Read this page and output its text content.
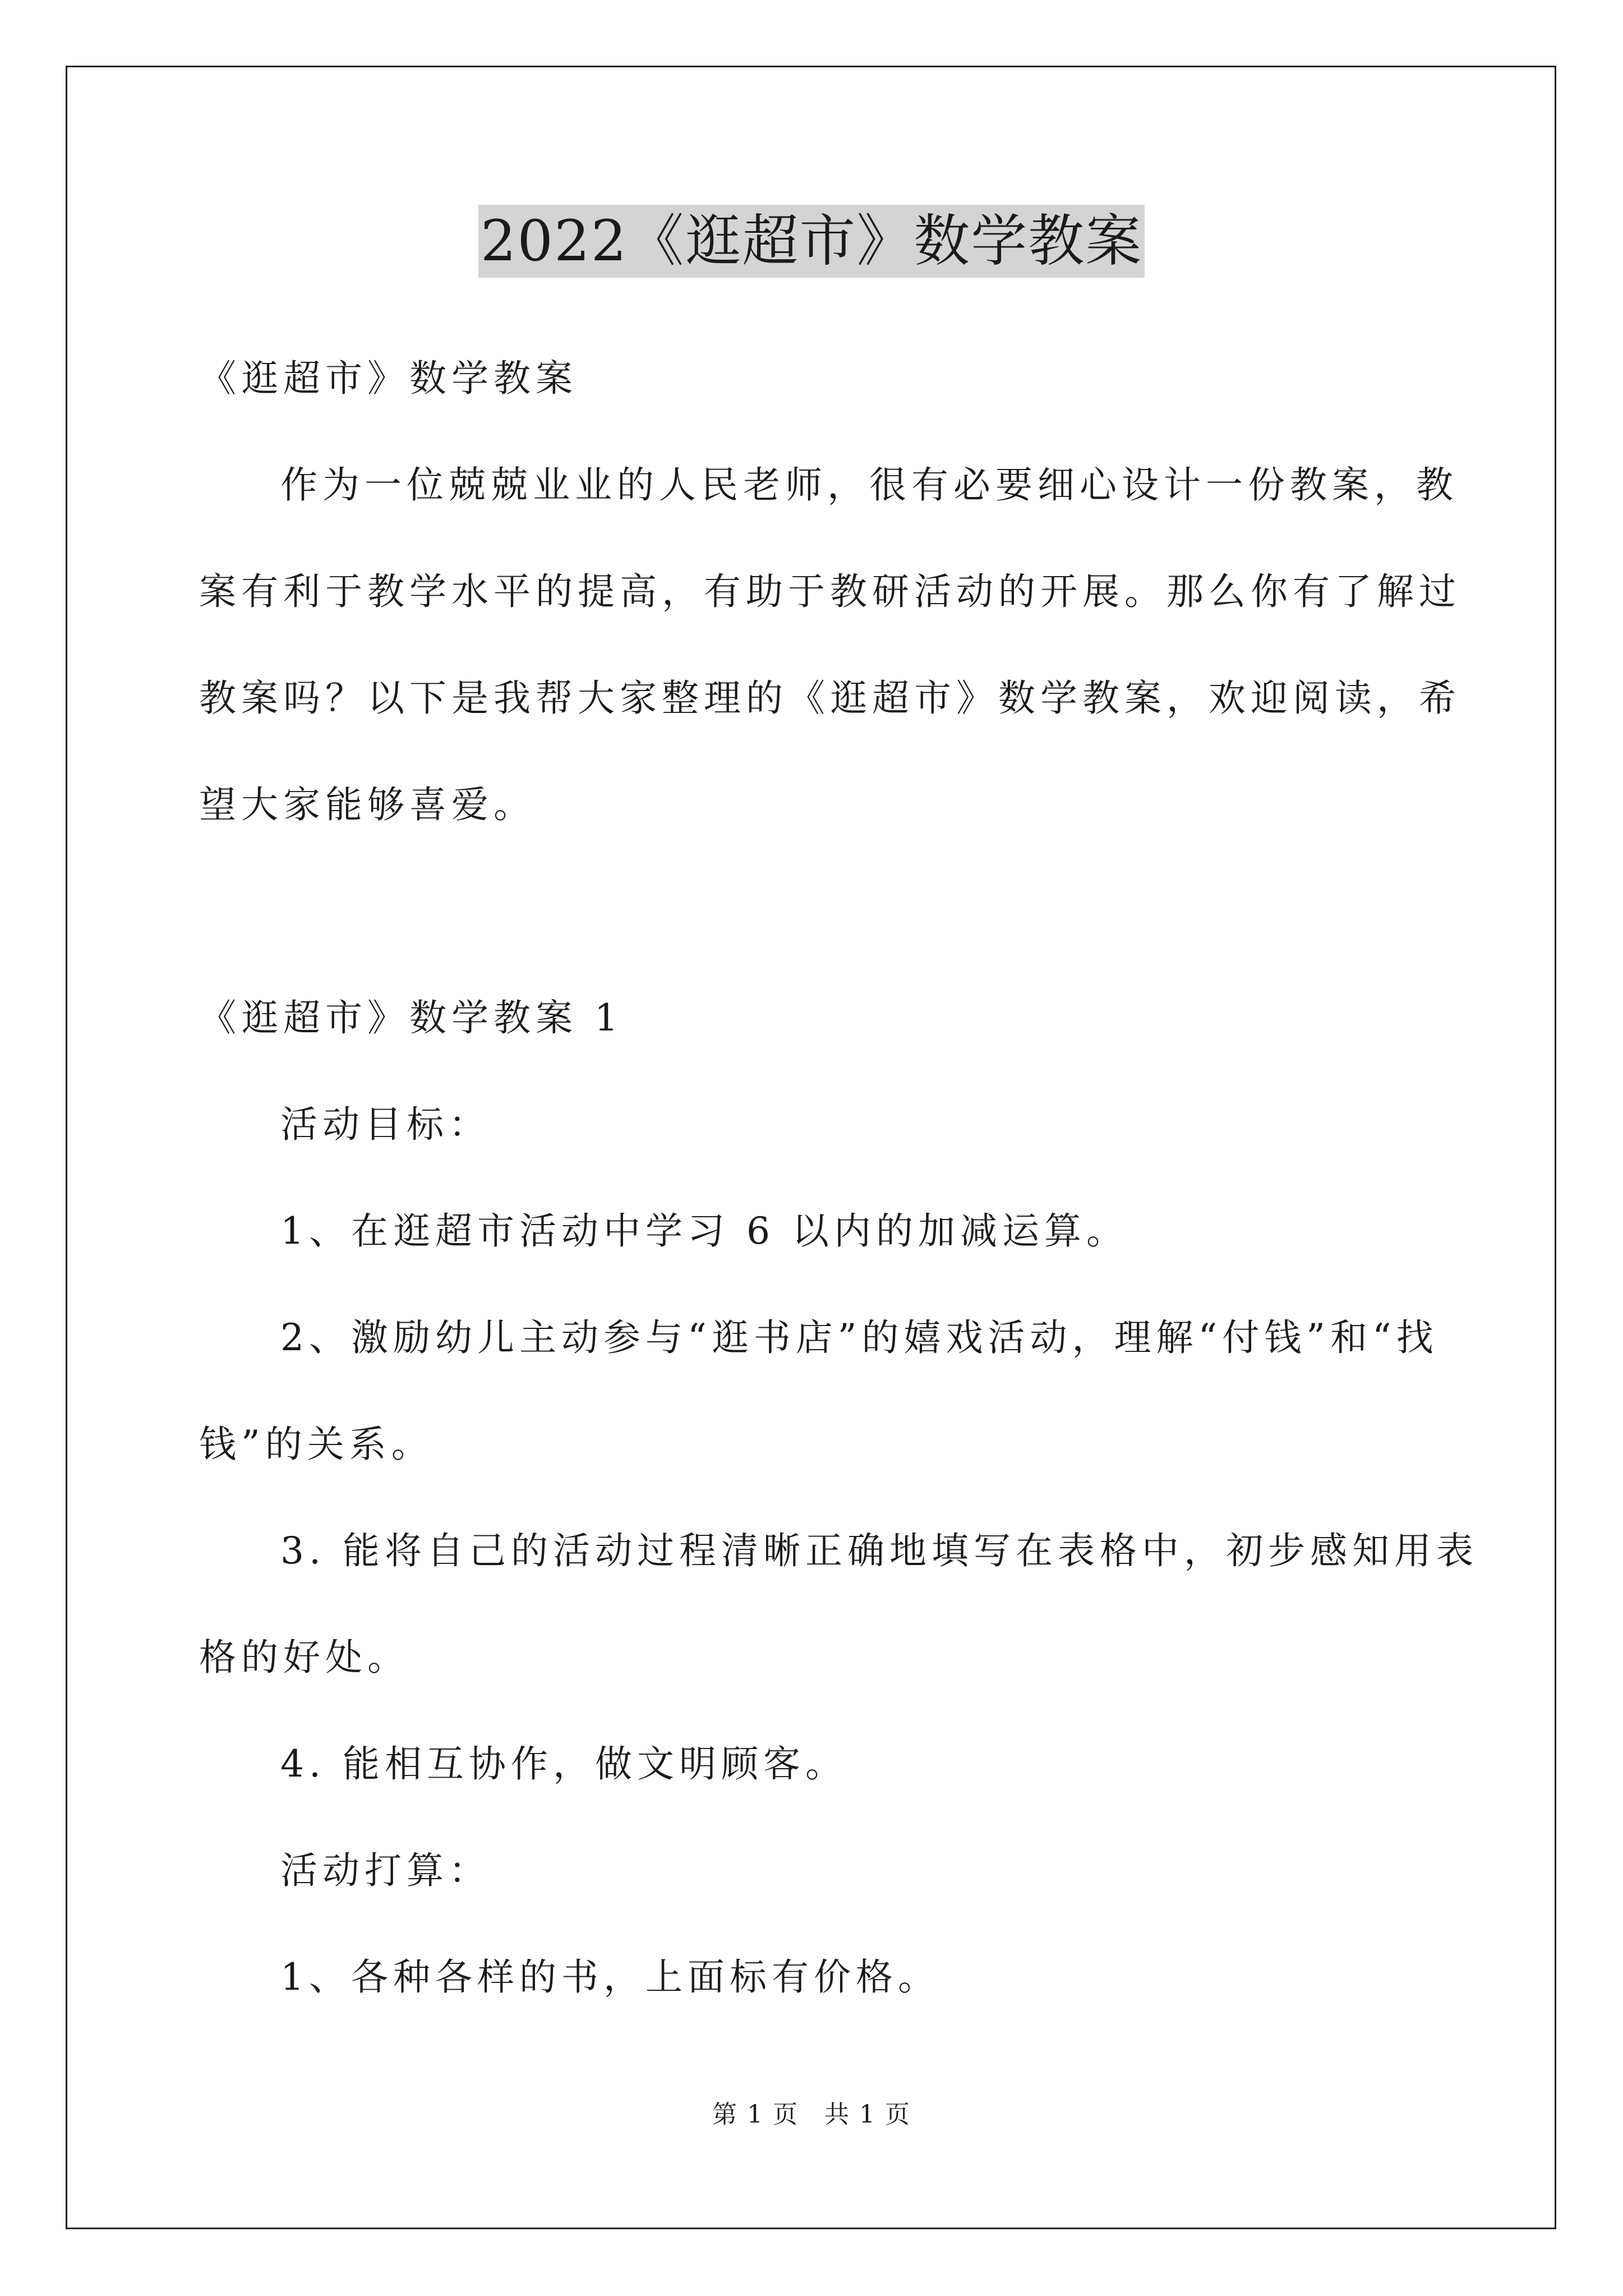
2022《逛超市》数学教案
《逛超市》数学教案
作为一位兢兢业业的人民老师，很有必要细心设计一份教案，教
案有利于教学水平的提高，有助于教研活动的开展。那么你有了解过
教案吗？以下是我帮大家整理的《逛超市》数学教案，欢迎阅读，希
望大家能够喜爱。
《逛超市》数学教案 1
活动目标：
1、在逛超市活动中学习 6 以内的加减运算。
2、激励幼儿主动参与“逛书店”的嬉戏活动，理解“付钱”和“找
钱”的关系。
3. 能将自己的活动过程清晰正确地填写在表格中，初步感知用表
格的好处。
4. 能相互协作，做文明顾客。
活动打算：
1、各种各样的书，上面标有价格。
第 1 页　共 1 页
